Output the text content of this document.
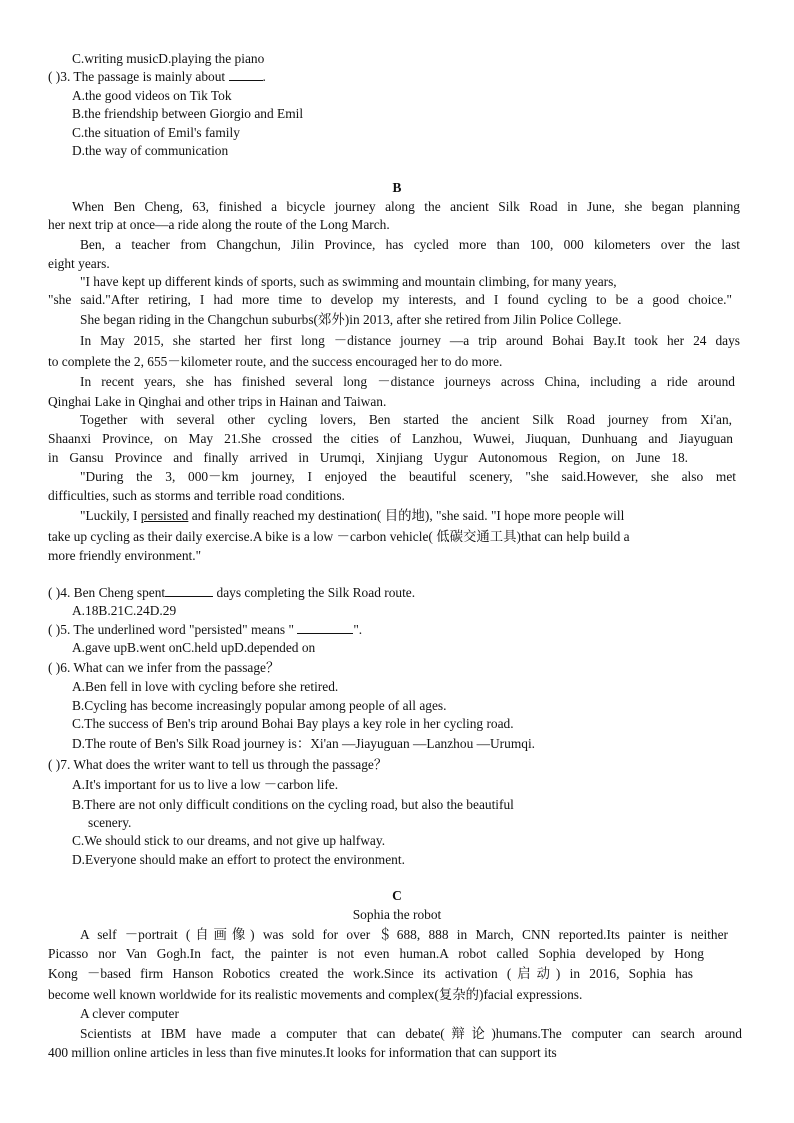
C.writing musicD.playing the piano
( )3. The passage is mainly about	.
A.the good videos on Tik Tok
B.the friendship between Giorgio and Emil
C.the situation of Emil's family
D.the way of communication
B
When Ben Cheng, 63, finished a bicycle journey along the ancient Silk Road in June, she began planning
her next trip at once—a ride along the route of the Long March.
Ben, a teacher from Changchun, Jilin Province, has cycled more than 100, 000 kilometers over the last
eight years.
"I have kept up different kinds of sports, such as swimming and mountain climbing, for many years,
"she said."After retiring, I had more time to develop my interests, and I found cycling to be a good choice."
She began riding in the Changchun suburbs(郊外)in 2013, after she retired from Jilin Police College.
In May 2015, she started her first long －distance journey —a trip around Bohai Bay.It took her 24 days
to complete the 2, 655－kilometer route, and the success encouraged her to do more.
In recent years, she has finished several long －distance journeys across China, including a ride around
Qinghai Lake in Qinghai and other trips in Hainan and Taiwan.
Together with several other cycling lovers, Ben started the ancient Silk Road journey from Xi'an,
Shaanxi Province, on May 21.She crossed the cities of Lanzhou, Wuwei, Jiuquan, Dunhuang and Jiayuguan
in Gansu Province and finally arrived in Urumqi, Xinjiang Uygur Autonomous Region, on June 18.
"During the 3, 000－km journey, I enjoyed the beautiful scenery, "she said.However, she also met
difficulties, such as storms and terrible road conditions.
"Luckily, I persisted and finally reached my destination( 目的地), "she said. "I hope more people will
take up cycling as their daily exercise.A bike is a low －carbon vehicle( 低碳交通工具)that can help build a
more friendly environment."
( )4. Ben Cheng spent	days completing the Silk Road route.
A.18B.21C.24D.29
( )5. The underlined word "persisted" means "	".
A.gave upB.went onC.held upD.depended on
( )6. What can we infer from the passage？
A.Ben fell in love with cycling before she retired.
B.Cycling has become increasingly popular among people of all ages.
C.The success of Ben's trip around Bohai Bay plays a key role in her cycling road.
D.The route of Ben's Silk Road journey is：Xi'an —Jiayuguan —Lanzhou —Urumqi.
( )7. What does the writer want to tell us through the passage？
A.It's important for us to live a low －carbon life.
B.There are not only difficult conditions on the cycling road, but also the beautiful
scenery.
C.We should stick to our dreams, and not give up halfway.
D.Everyone should make an effort to protect the environment.
C
Sophia the robot
A self －portrait (自画像) was sold for over ＄688, 888 in March, CNN reported.Its painter is neither
Picasso nor Van Gogh.In fact, the painter is not even human.A robot called Sophia developed by Hong
Kong －based firm Hanson Robotics created the work.Since its activation (启动) in 2016, Sophia has
become well known worldwide for its realistic movements and complex(复杂的)facial expressions.
A clever computer
Scientists at IBM have made a computer that can debate(辩论)humans.The computer can search around
400 million online articles in less than five minutes.It looks for information that can support its
